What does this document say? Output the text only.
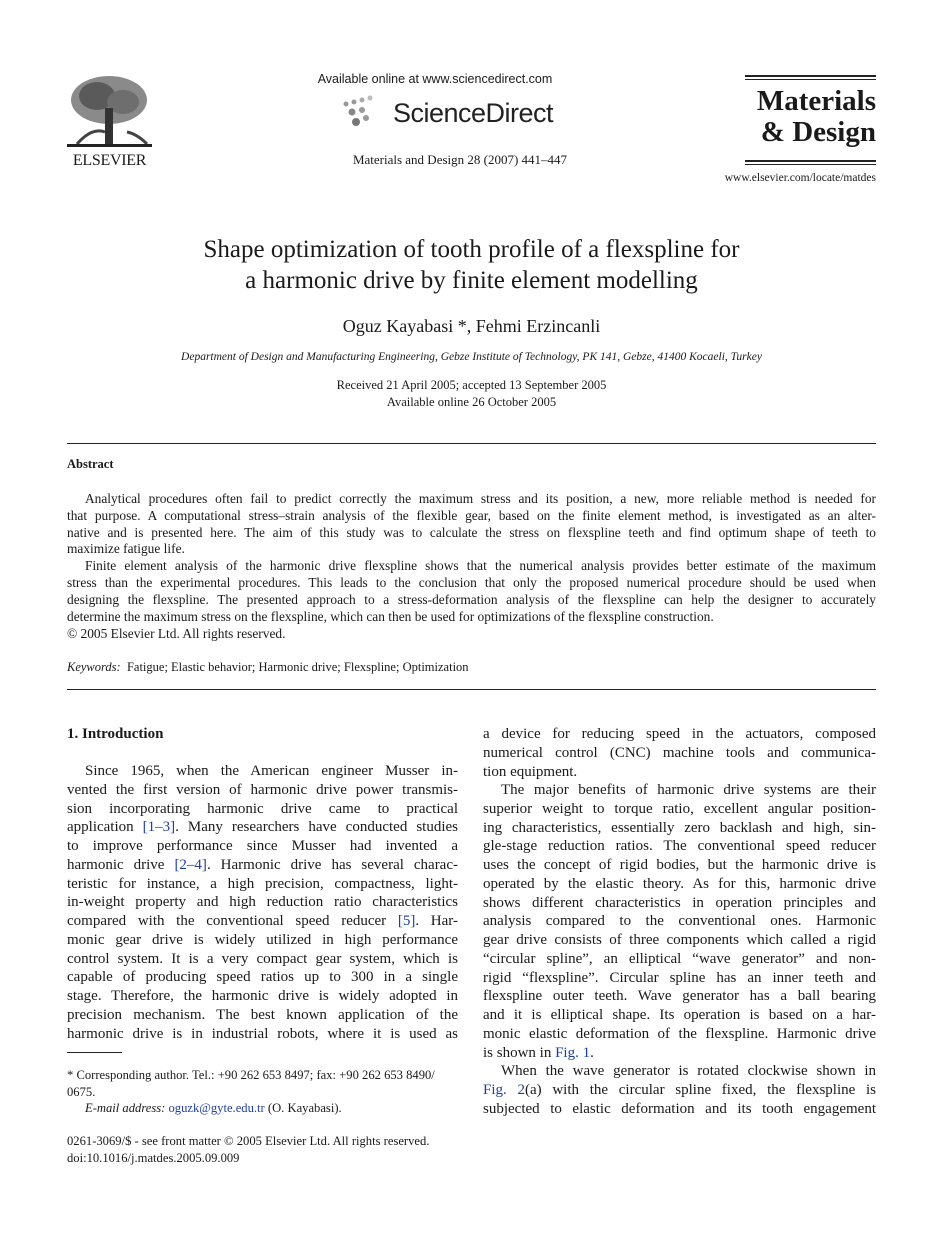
ELSEVIER
Available online at www.sciencedirect.com
ScienceDirect
Materials and Design 28 (2007) 441–447
Materials
& Design
www.elsevier.com/locate/matdes
Shape optimization of tooth profile of a flexspline for
a harmonic drive by finite element modelling
Oguz Kayabasi *, Fehmi Erzincanli
Department of Design and Manufacturing Engineering, Gebze Institute of Technology, PK 141, Gebze, 41400 Kocaeli, Turkey
Received 21 April 2005; accepted 13 September 2005
Available online 26 October 2005
Abstract
Analytical procedures often fail to predict correctly the maximum stress and its position, a new, more reliable method is needed for
that purpose. A computational stress–strain analysis of the flexible gear, based on the finite element method, is investigated as an alter-
native and is presented here. The aim of this study was to calculate the stress on flexspline teeth and find optimum shape of teeth to
maximize fatigue life.
Finite element analysis of the harmonic drive flexspline shows that the numerical analysis provides better estimate of the maximum
stress than the experimental procedures. This leads to the conclusion that only the proposed numerical procedure should be used when
designing the flexspline. The presented approach to a stress-deformation analysis of the flexspline can help the designer to accurately
determine the maximum stress on the flexspline, which can then be used for optimizations of the flexspline construction.
© 2005 Elsevier Ltd. All rights reserved.
Keywords: Fatigue; Elastic behavior; Harmonic drive; Flexspline; Optimization
1. Introduction
Since 1965, when the American engineer Musser in-
vented the first version of harmonic drive power transmis-
sion incorporating harmonic drive came to practical
application [1–3]. Many researchers have conducted studies
to improve performance since Musser had invented a
harmonic drive [2–4]. Harmonic drive has several charac-
teristic for instance, a high precision, compactness, light-
in-weight property and high reduction ratio characteristics
compared with the conventional speed reducer [5]. Har-
monic gear drive is widely utilized in high performance
control system. It is a very compact gear system, which is
capable of producing speed ratios up to 300 in a single
stage. Therefore, the harmonic drive is widely adopted in
precision mechanism. The best known application of the
harmonic drive is in industrial robots, where it is used as
a device for reducing speed in the actuators, composed
numerical control (CNC) machine tools and communica-
tion equipment.
The major benefits of harmonic drive systems are their
superior weight to torque ratio, excellent angular position-
ing characteristics, essentially zero backlash and high, sin-
gle-stage reduction ratios. The conventional speed reducer
uses the concept of rigid bodies, but the harmonic drive is
operated by the elastic theory. As for this, harmonic drive
shows different characteristics in operation principles and
analysis compared to the conventional ones. Harmonic
gear drive consists of three components which called a rigid
“circular spline”, an elliptical “wave generator” and non-
rigid “flexspline”. Circular spline has an inner teeth and
flexspline outer teeth. Wave generator has a ball bearing
and it is elliptical shape. Its operation is based on a har-
monic elastic deformation of the flexspline. Harmonic drive
is shown in Fig. 1.
When the wave generator is rotated clockwise shown in
Fig. 2(a) with the circular spline fixed, the flexspline is
subjected to elastic deformation and its tooth engagement
* Corresponding author. Tel.: +90 262 653 8497; fax: +90 262 653 8490/
0675.
E-mail address: oguzk@gyte.edu.tr (O. Kayabasi).
0261-3069/$ - see front matter © 2005 Elsevier Ltd. All rights reserved.
doi:10.1016/j.matdes.2005.09.009
